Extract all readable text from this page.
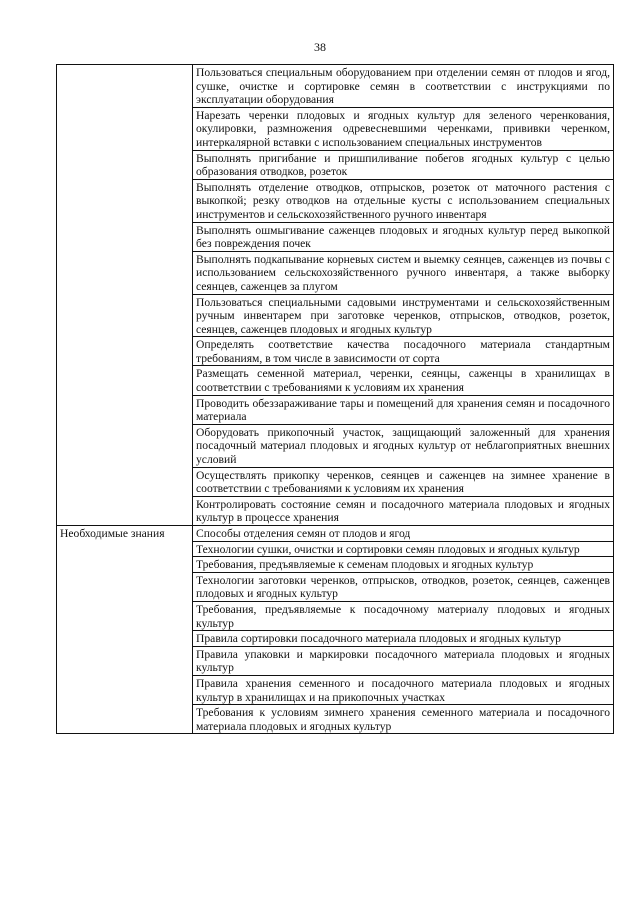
38
	Пользоваться специальным оборудованием при отделении семян от плодов и ягод, сушке, очистке и сортировке семян в соответствии с инструкциями по эксплуатации оборудования
	Нарезать черенки плодовых и ягодных культур для зеленого черенкования, окулировки, размножения одревесневшими черенками, прививки черенком, интеркалярной вставки с использованием специальных инструментов
	Выполнять пригибание и пришпиливание побегов ягодных культур с целью образования отводков, розеток
	Выполнять отделение отводков, отпрысков, розеток от маточного растения с выкопкой; резку отводков на отдельные кусты с использованием специальных инструментов и сельскохозяйственного ручного инвентаря
	Выполнять ошмыгивание саженцев плодовых и ягодных культур перед выкопкой без повреждения почек
	Выполнять подкапывание корневых систем и выемку сеянцев, саженцев из почвы с использованием сельскохозяйственного ручного инвентаря, а также выборку сеянцев, саженцев за плугом
	Пользоваться специальными садовыми инструментами и сельскохозяйственным ручным инвентарем при заготовке черенков, отпрысков, отводков, розеток, сеянцев, саженцев плодовых и ягодных культур
	Определять соответствие качества посадочного материала стандартным требованиям, в том числе в зависимости от сорта
	Размещать семенной материал, черенки, сеянцы, саженцы в хранилищах в соответствии с требованиями к условиям их хранения
	Проводить обеззараживание тары и помещений для хранения семян и посадочного материала
	Оборудовать прикопочный участок, защищающий заложенный для хранения посадочный материал плодовых и ягодных культур от неблагоприятных внешних условий
	Осуществлять прикопку черенков, сеянцев и саженцев на зимнее хранение в соответствии с требованиями к условиям их хранения
	Контролировать состояние семян и посадочного материала плодовых и ягодных культур в процессе хранения
Необходимые знания	Способы отделения семян от плодов и ягод
	Технологии сушки, очистки и сортировки семян плодовых и ягодных культур
	Требования, предъявляемые к семенам плодовых и ягодных культур
	Технологии заготовки черенков, отпрысков, отводков, розеток, сеянцев, саженцев плодовых и ягодных культур
	Требования, предъявляемые к посадочному материалу плодовых и ягодных культур
	Правила сортировки посадочного материала плодовых и ягодных культур
	Правила упаковки и маркировки посадочного материала плодовых и ягодных культур
	Правила хранения семенного и посадочного материала плодовых и ягодных культур в хранилищах и на прикопочных участках
	Требования к условиям зимнего хранения семенного материала и посадочного материала плодовых и ягодных культур
